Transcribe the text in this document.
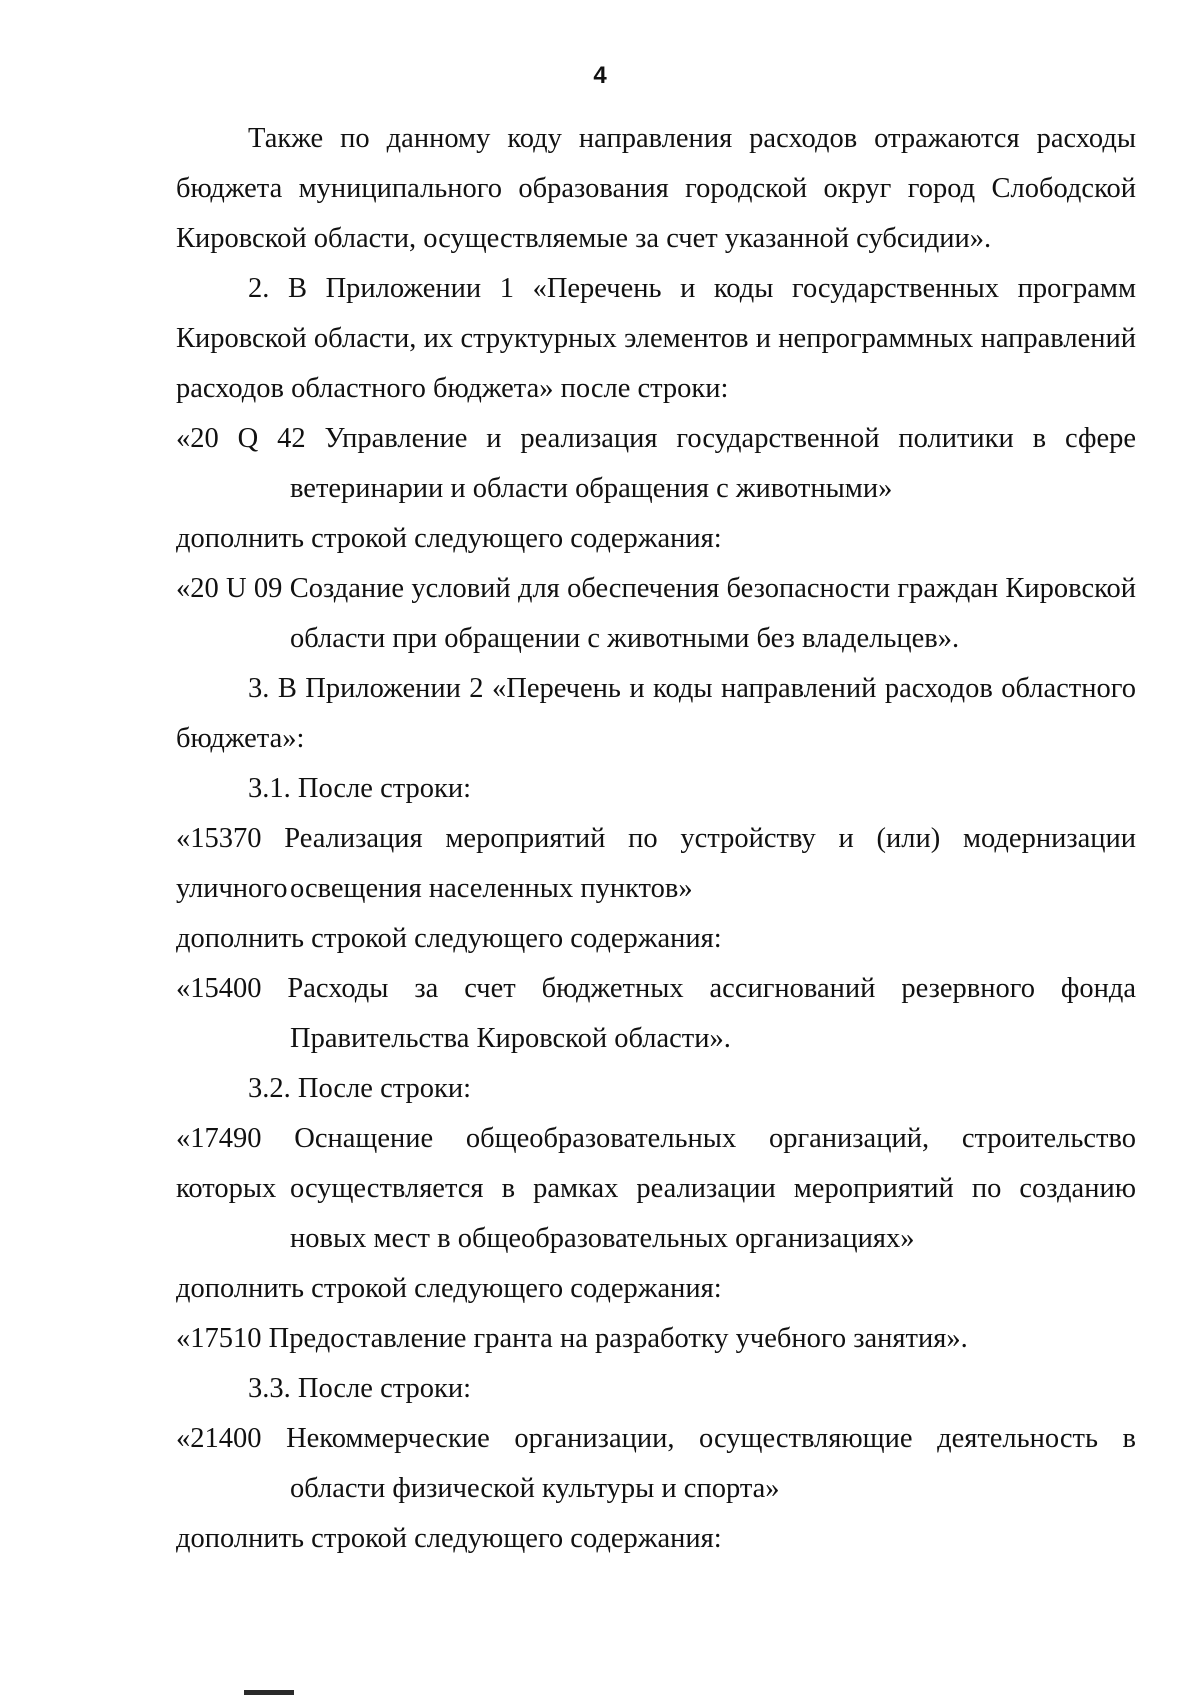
4
Также по данному коду направления расходов отражаются расходы
бюджета муниципального образования городской округ город Слободской
Кировской области, осуществляемые за счет указанной субсидии».
2. В Приложении 1 «Перечень и коды государственных программ
Кировской области, их структурных элементов и непрограммных направлений
расходов областного бюджета» после строки:
«20 Q 42 Управление и реализация государственной политики в сфере
ветеринарии и области обращения с животными»
дополнить строкой следующего содержания:
«20 U 09 Создание условий для обеспечения безопасности граждан Кировской
области при обращении с животными без владельцев».
3. В Приложении 2 «Перечень и коды направлений расходов областного
бюджета»:
3.1. После строки:
«15370 Реализация мероприятий по устройству и (или) модернизации уличного освещения населенных пунктов»
дополнить строкой следующего содержания:
«15400 Расходы за счет бюджетных ассигнований резервного фонда
Правительства Кировской области».
3.2. После строки:
«17490 Оснащение общеобразовательных организаций, строительство которых осуществляется в рамках реализации мероприятий по созданию
новых мест в общеобразовательных организациях»
дополнить строкой следующего содержания:
«17510 Предоставление гранта на разработку учебного занятия».
3.3. После строки:
«21400 Некоммерческие организации, осуществляющие деятельность в
области физической культуры и спорта»
дополнить строкой следующего содержания:
